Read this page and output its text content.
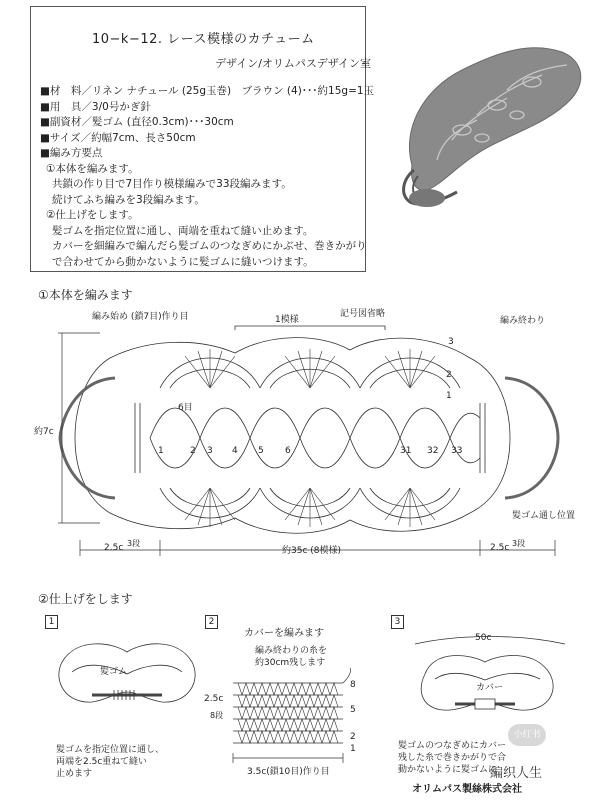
10−k−12. レース模様のカチューム
デザイン/オリムパスデザイン室
■材　料／リネン ナチュール (25g玉巻)　ブラウン (4)･･･約15g=1玉
■用　具／3/0号かぎ針
■副資材／髪ゴム (直径0.3cm)･･･30cm
■サイズ／約幅7cm、長さ50cm
■編み方要点
①本体を編みます。
共鎖の作り目で7目作り模様編みで33段編みます。
続けてふち編みを3段編みます。
②仕上げをします。
髪ゴムを指定位置に通し、両端を重ねて縫い止めます。
カバーを細編みで編んだら髪ゴムのつなぎめにかぶせ、巻きかがり
で合わせてから動かないように髪ゴムに縫いつけます。
①本体を編みます
編み始め (鎖7目)作り目	1模様
記号図省略
編み終わり
約7c
髪ゴム通し位置
約35c (8模様)
2.5c	2.5c
3段	3段
1	2 3 4 5 6	31 32 33
6目
3
2
1
②仕上げをします
1
髪ゴム
髪ゴムを指定位置に通し、
両端を2.5c重ねて縫い
止めます
2
カバーを編みます
編み終わりの糸を
約30cm残します
2.5c
8段
3.5c(鎖10目)作り目
8
5
2
1
3
50c
カバー
髪ゴムのつなぎめにカバー
残した糸で巻きかがりで合
動かないように髪ゴムに
小红书
編织人生
オリムパス製絲株式会社
